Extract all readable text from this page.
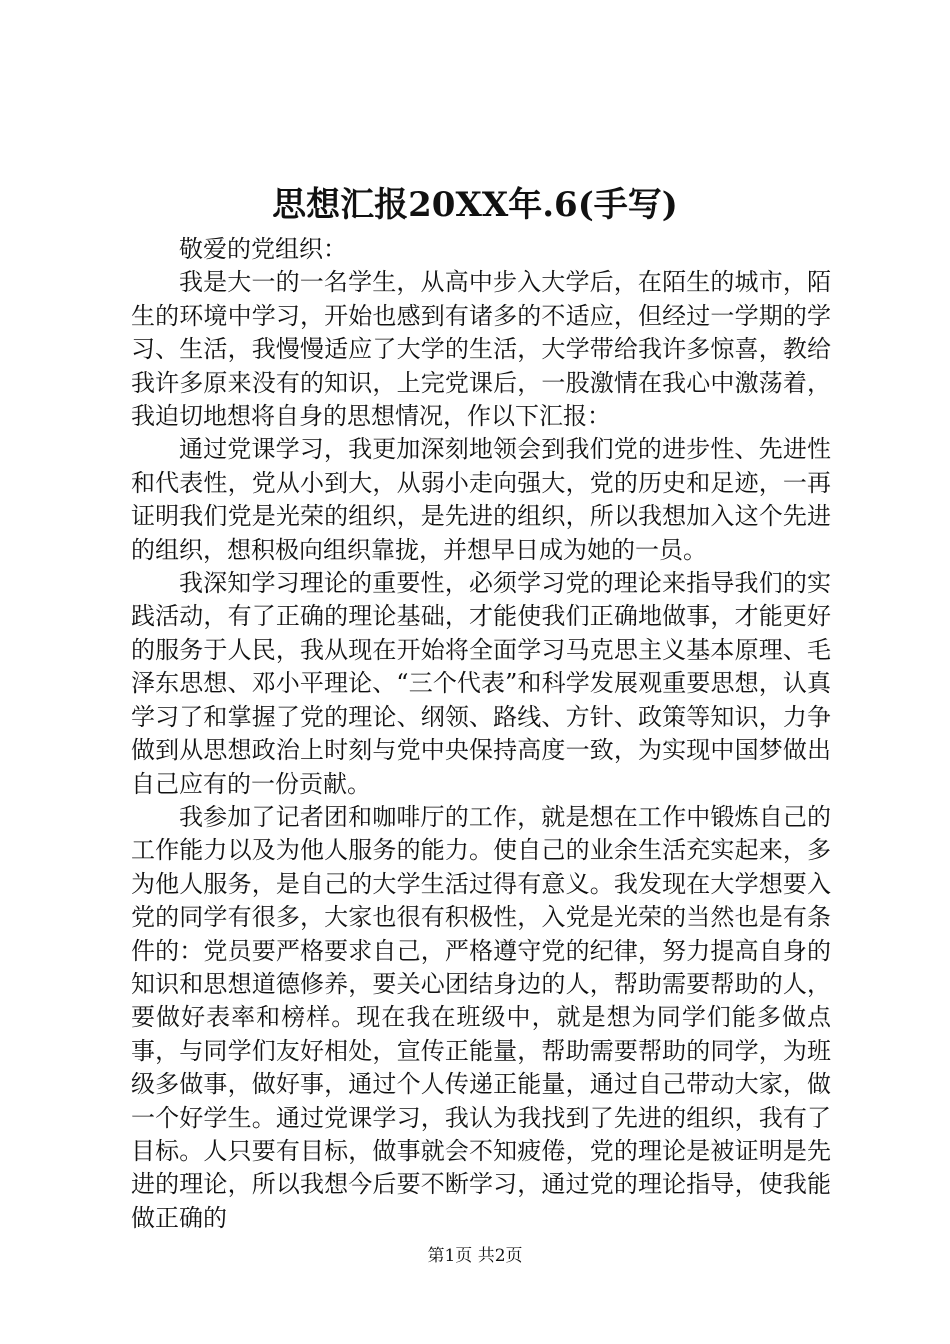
思想汇报20XX年.6(手写)

敬爱的党组织：

我是大一的一名学生，从高中步入大学后，在陌生的城市，陌生的环境中学习，开始也感到有诸多的不适应，但经过一学期的学习、生活，我慢慢适应了大学的生活，大学带给我许多惊喜，教给我许多原来没有的知识，上完党课后，一股激情在我心中激荡着，我迫切地想将自身的思想情况，作以下汇报：

通过党课学习，我更加深刻地领会到我们党的进步性、先进性和代表性，党从小到大，从弱小走向强大，党的历史和足迹，一再证明我们党是光荣的组织，是先进的组织，所以我想加入这个先进的组织，想积极向组织靠拢，并想早日成为她的一员。

我深知学习理论的重要性，必须学习党的理论来指导我们的实践活动，有了正确的理论基础，才能使我们正确地做事，才能更好的服务于人民，我从现在开始将全面学习马克思主义基本原理、毛泽东思想、邓小平理论、“三个代表”和科学发展观重要思想，认真学习了和掌握了党的理论、纲领、路线、方针、政策等知识，力争做到从思想政治上时刻与党中央保持高度一致，为实现中国梦做出自己应有的一份贡献。

我参加了记者团和咖啡厅的工作，就是想在工作中锻炼自己的工作能力以及为他人服务的能力。使自己的业余生活充实起来，多为他人服务，是自己的大学生活过得有意义。我发现在大学想要入党的同学有很多，大家也很有积极性，入党是光荣的当然也是有条件的：党员要严格要求自己，严格遵守党的纪律，努力提高自身的知识和思想道德修养，要关心团结身边的人，帮助需要帮助的人，要做好表率和榜样。现在我在班级中，就是想为同学们能多做点事，与同学们友好相处，宣传正能量，帮助需要帮助的同学，为班级多做事，做好事，通过个人传递正能量，通过自己带动大家，做一个好学生。通过党课学习，我认为我找到了先进的组织，我有了目标。人只要有目标，做事就会不知疲倦，党的理论是被证明是先进的理论，所以我想今后要不断学习，通过党的理论指导，使我能做正确的

第1页 共2页
